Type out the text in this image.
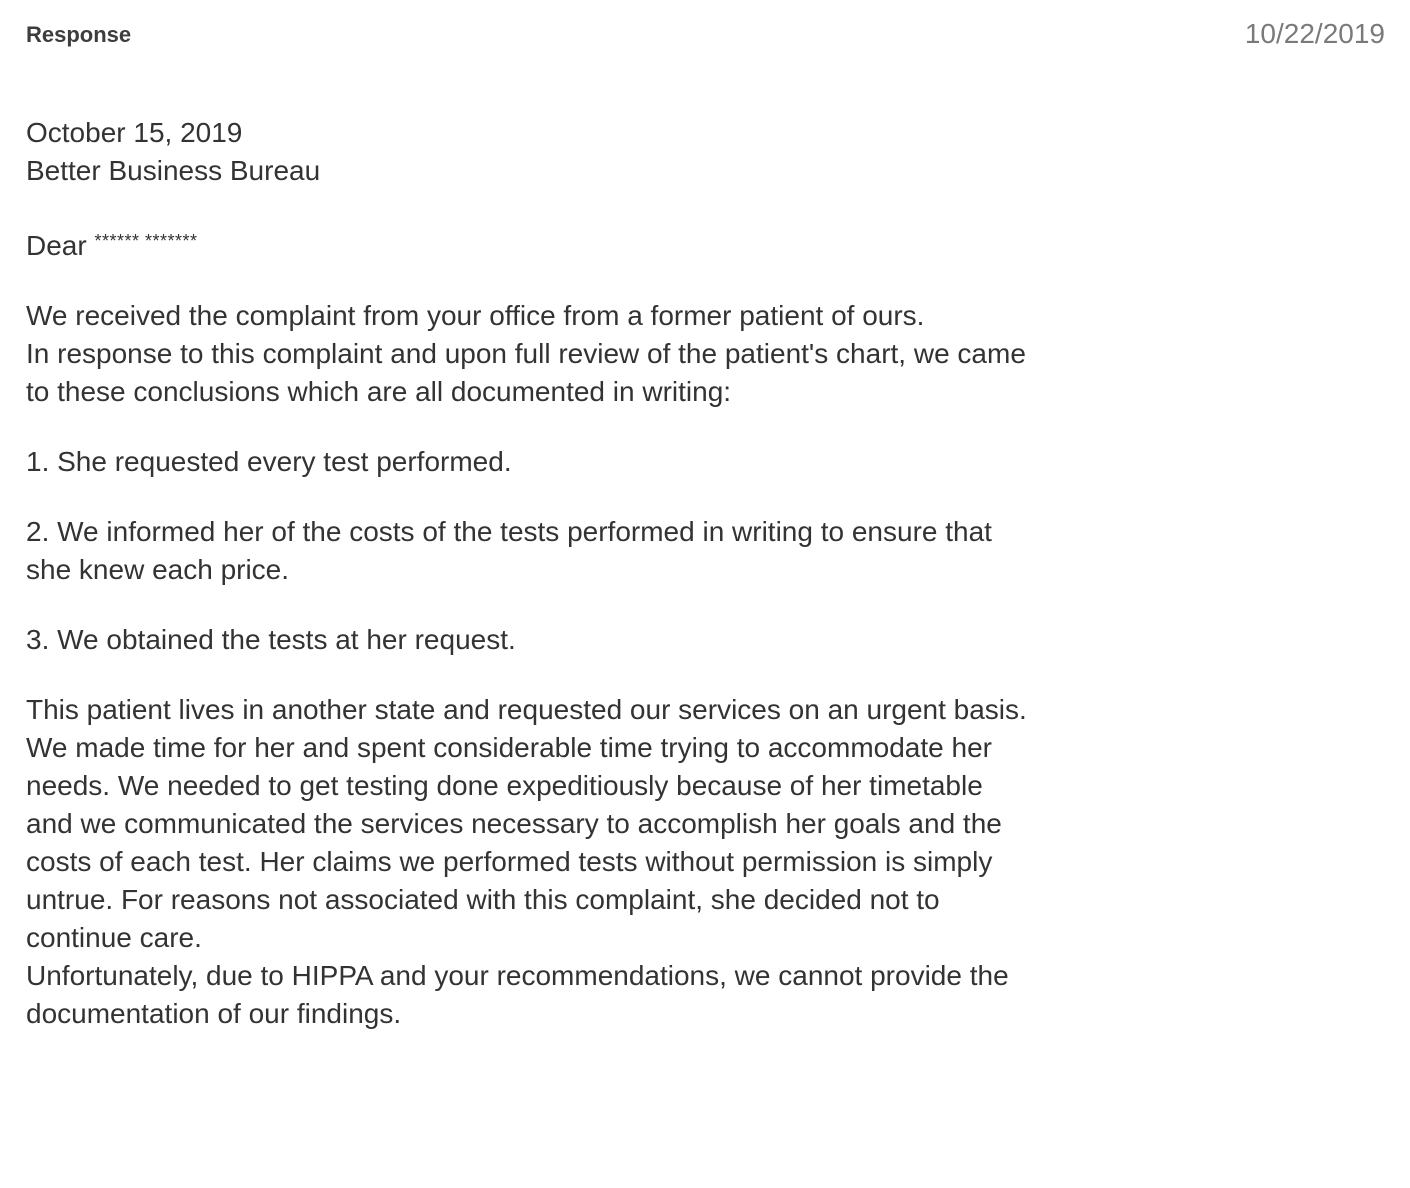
Response	10/22/2019

October 15, 2019

Better Business Bureau

Dear ****** *******

We received the complaint from your office from a former patient of ours.

In response to this complaint and upon full review of the patient's chart, we came to these conclusions which are all documented in writing:

1. She requested every test performed.

2. We informed her of the costs of the tests performed in writing to ensure that she knew each price.

3. We obtained the tests at her request.

This patient lives in another state and requested our services on an urgent basis. We made time for her and spent considerable time trying to accommodate her needs. We needed to get testing done expeditiously because of her timetable and we communicated the services necessary to accomplish her goals and the costs of each test. Her claims we performed tests without permission is simply untrue. For reasons not associated with this complaint, she decided not to continue care.

Unfortunately, due to HIPPA and your recommendations, we cannot provide the documentation of our findings.
